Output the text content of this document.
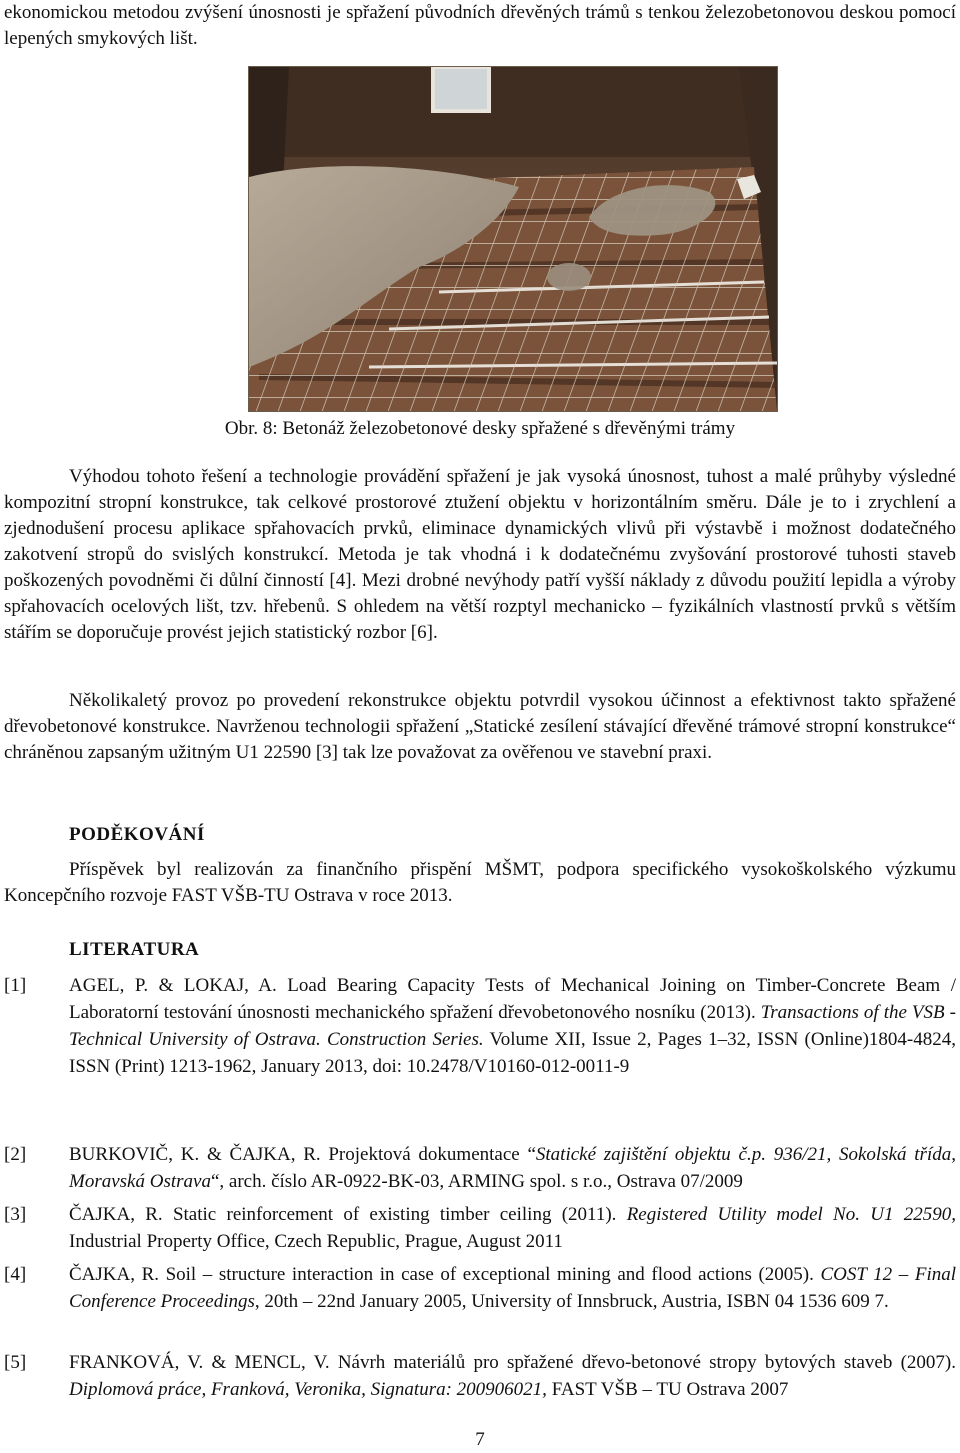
ekonomickou metodou zvýšení únosnosti je spřažení původních dřevěných trámů s tenkou železobetonovou deskou pomocí lepených smykových lišt.

Obr. 8: Betonáž železobetonové desky spřažené s dřevěnými trámy

Výhodou tohoto řešení a technologie provádění spřažení je jak vysoká únosnost, tuhost a malé průhyby výsledné kompozitní stropní konstrukce, tak celkové prostorové ztužení objektu v horizontálním směru. Dále je to i zrychlení a zjednodušení procesu aplikace spřahovacích prvků, eliminace dynamických vlivů při výstavbě i možnost dodatečného zakotvení stropů do svislých konstrukcí. Metoda je tak vhodná i k dodatečnému zvyšování prostorové tuhosti staveb poškozených povodněmi či důlní činností [4]. Mezi drobné nevýhody patří vyšší náklady z důvodu použití lepidla a výroby spřahovacích ocelových lišt, tzv. hřebenů. S ohledem na větší rozptyl mechanicko – fyzikálních vlastností prvků s větším stářím se doporučuje provést jejich statistický rozbor [6].

Několikaletý provoz po provedení rekonstrukce objektu potvrdil vysokou účinnost a efektivnost takto spřažené dřevobetonové konstrukce. Navrženou technologii spřažení „Statické zesílení stávající dřevěné trámové stropní konstrukce“ chráněnou zapsaným užitným U1 22590 [3] tak lze považovat za ověřenou ve stavební praxi.

PODĚKOVÁNÍ

Příspěvek byl realizován za finančního přispění MŠMT, podpora specifického vysokoškolského výzkumu Koncepčního rozvoje FAST VŠB-TU Ostrava v roce 2013.

LITERATURA
[1] AGEL, P. & LOKAJ, A. Load Bearing Capacity Tests of Mechanical Joining on Timber-Concrete Beam / Laboratorní testování únosnosti mechanického spřažení dřevobetonového nosníku (2013). Transactions of the VSB - Technical University of Ostrava. Construction Series. Volume XII, Issue 2, Pages 1–32, ISSN (Online)1804-4824, ISSN (Print) 1213-1962, January 2013, doi: 10.2478/V10160-012-0011-9

[2] BURKOVIČ, K. & ČAJKA, R. Projektová dokumentace “Statické zajištění objektu č.p. 936/21, Sokolská třída, Moravská Ostrava“, arch. číslo AR-0922-BK-03, ARMING spol. s r.o., Ostrava 07/2009

[3] ČAJKA, R. Static reinforcement of existing timber ceiling (2011). Registered Utility model No. U1 22590, Industrial Property Office, Czech Republic, Prague, August 2011

[4] ČAJKA, R. Soil – structure interaction in case of exceptional mining and flood actions (2005). COST 12 – Final Conference Proceedings, 20th – 22nd January 2005, University of Innsbruck, Austria, ISBN 04 1536 609 7.

[5] FRANKOVÁ, V. & MENCL, V. Návrh materiálů pro spřažené dřevo-betonové stropy bytových staveb (2007). Diplomová práce, Franková, Veronika, Signatura: 200906021, FAST VŠB – TU Ostrava 2007

7
